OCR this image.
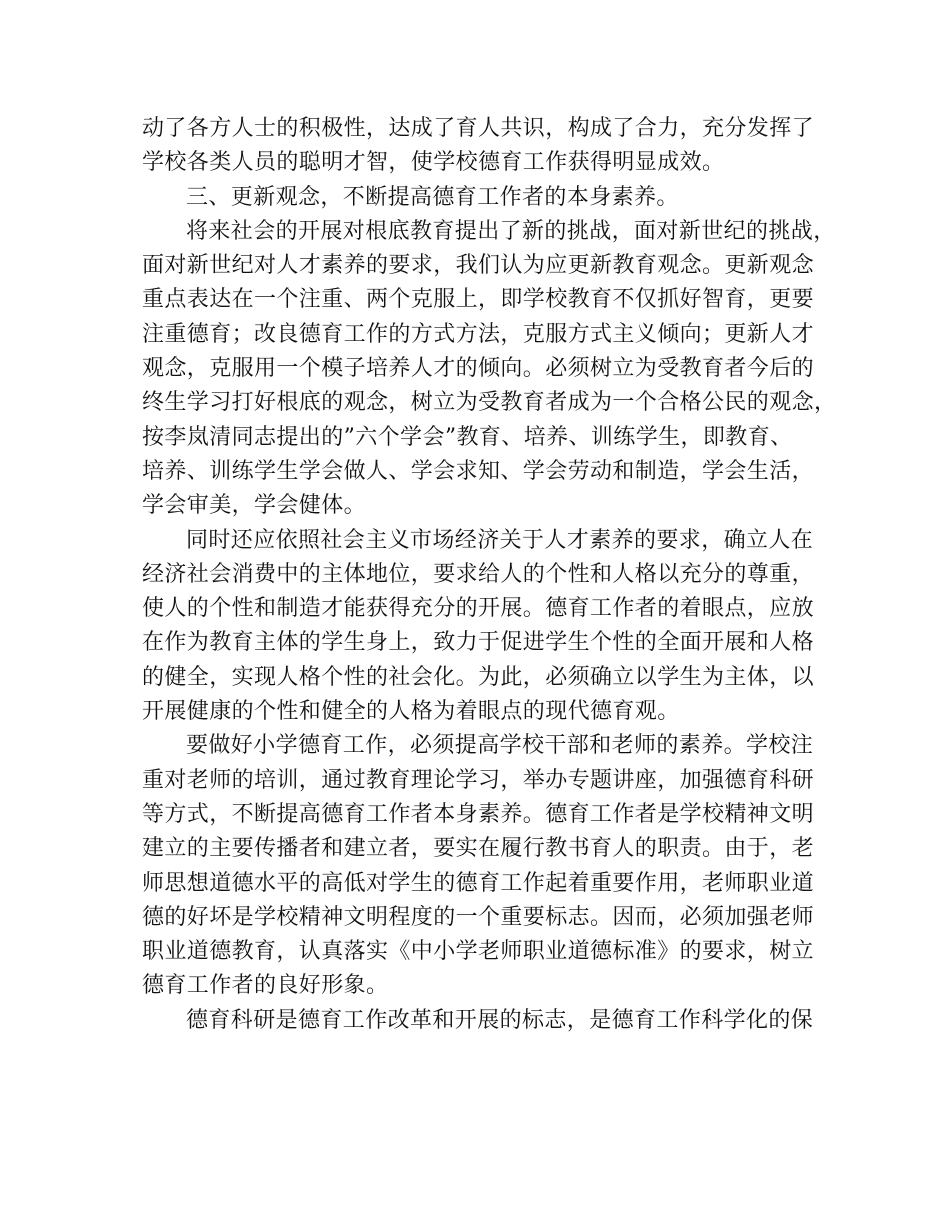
动了各方人士的积极性，达成了育人共识，构成了合力，充分发挥了
学校各类人员的聪明才智，使学校德育工作获得明显成效。
三、更新观念，不断提高德育工作者的本身素养。
将来社会的开展对根底教育提出了新的挑战，面对新世纪的挑战，
面对新世纪对人才素养的要求，我们认为应更新教育观念。更新观念
重点表达在一个注重、两个克服上，即学校教育不仅抓好智育，更要
注重德育；改良德育工作的方式方法，克服方式主义倾向；更新人才
观念，克服用一个模子培养人才的倾向。必须树立为受教育者今后的
终生学习打好根底的观念，树立为受教育者成为一个合格公民的观念，
按李岚清同志提出的”六个学会”教育、培养、训练学生，即教育、
培养、训练学生学会做人、学会求知、学会劳动和制造，学会生活，
学会审美，学会健体。
同时还应依照社会主义市场经济关于人才素养的要求，确立人在
经济社会消费中的主体地位，要求给人的个性和人格以充分的尊重，
使人的个性和制造才能获得充分的开展。德育工作者的着眼点，应放
在作为教育主体的学生身上，致力于促进学生个性的全面开展和人格
的健全，实现人格个性的社会化。为此，必须确立以学生为主体，以
开展健康的个性和健全的人格为着眼点的现代德育观。
要做好小学德育工作，必须提高学校干部和老师的素养。学校注
重对老师的培训，通过教育理论学习，举办专题讲座，加强德育科研
等方式，不断提高德育工作者本身素养。德育工作者是学校精神文明
建立的主要传播者和建立者，要实在履行教书育人的职责。由于，老
师思想道德水平的高低对学生的德育工作起着重要作用，老师职业道
德的好坏是学校精神文明程度的一个重要标志。因而，必须加强老师
职业道德教育，认真落实《中小学老师职业道德标准》的要求，树立
德育工作者的良好形象。
德育科研是德育工作改革和开展的标志，是德育工作科学化的保
